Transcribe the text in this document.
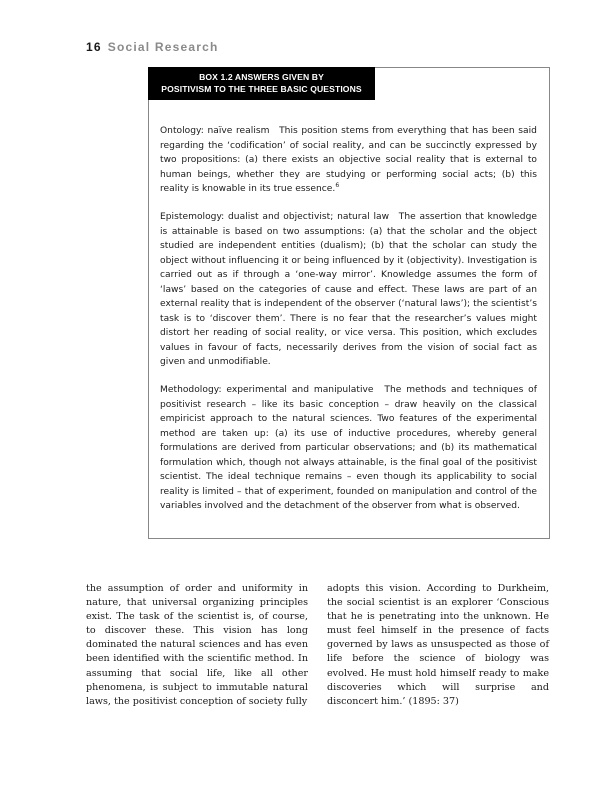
16 Social Research
BOX 1.2 ANSWERS GIVEN BY
POSITIVISM TO THE THREE BASIC QUESTIONS

Ontology: naïve realism This position stems from everything that has been said regarding the ‘codification’ of social reality, and can be succinctly expressed by two propositions: (a) there exists an objective social reality that is external to human beings, whether they are studying or performing social acts; (b) this reality is knowable in its true essence.$^6$

Epistemology: dualist and objectivist; natural law The assertion that knowledge is attainable is based on two assumptions: (a) that the scholar and the object studied are independent entities (dualism); (b) that the scholar can study the object without influencing it or being influenced by it (objectivity). Investigation is carried out as if through a ‘one-way mirror’. Knowledge assumes the form of ‘laws’ based on the categories of cause and effect. These laws are part of an external reality that is independent of the observer (‘natural laws’); the scientist’s task is to ‘discover them’. There is no fear that the researcher’s values might distort her reading of social reality, or vice versa. This position, which excludes values in favour of facts, necessarily derives from the vision of social fact as given and unmodifiable.

Methodology: experimental and manipulative The methods and techniques of positivist research – like its basic conception – draw heavily on the classical empiricist approach to the natural sciences. Two features of the experimental method are taken up: (a) its use of inductive procedures, whereby general formulations are derived from particular observations; and (b) its mathematical formulation which, though not always attainable, is the final goal of the positivist scientist. The ideal technique remains – even though its applicability to social reality is limited – that of experiment, founded on manipulation and control of the variables involved and the detachment of the observer from what is observed.

the assumption of order and uniformity in nature, that universal organizing principles exist. The task of the scientist is, of course, to discover these. This vision has long dominated the natural sciences and has even been identified with the scientific method. In assuming that social life, like all other phenomena, is subject to immutable natural laws, the positivist conception of society fully

adopts this vision. According to Durkheim, the social scientist is an explorer ‘Conscious that he is penetrating into the unknown. He must feel himself in the presence of facts governed by laws as unsuspected as those of life before the science of biology was evolved. He must hold himself ready to make discoveries which will surprise and disconcert him.’ (1895: 37)
